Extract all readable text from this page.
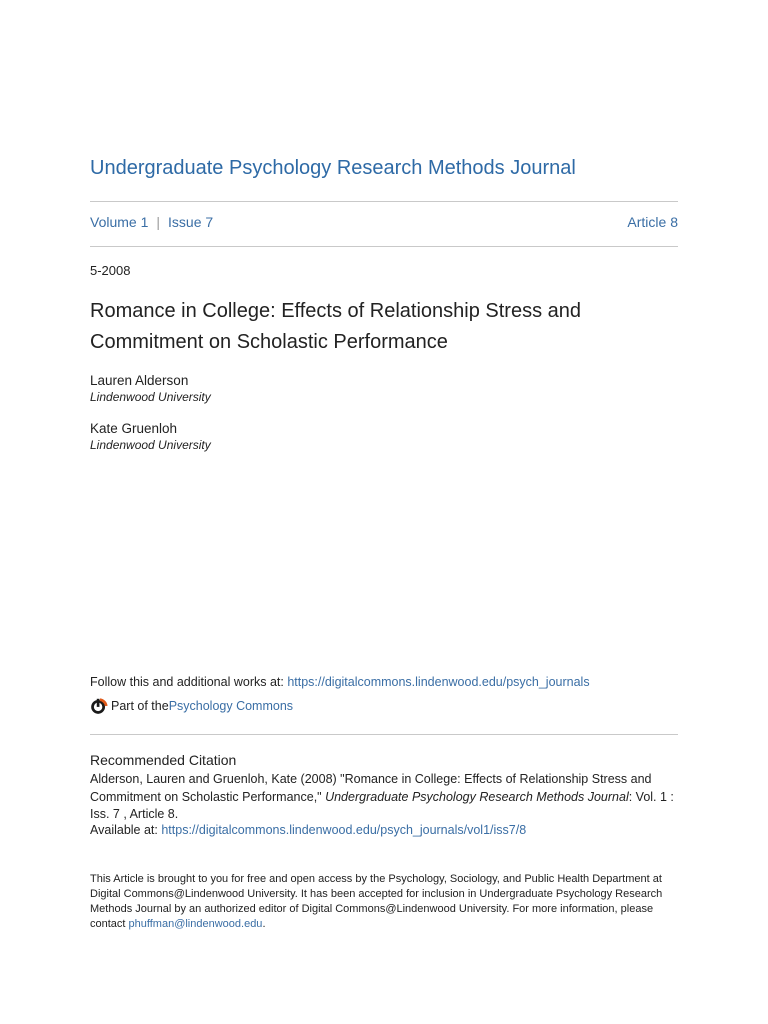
Undergraduate Psychology Research Methods Journal
Volume 1 | Issue 7	Article 8
5-2008
Romance in College: Effects of Relationship Stress and
Commitment on Scholastic Performance
Lauren Alderson
Lindenwood University
Kate Gruenloh
Lindenwood University
Follow this and additional works at: https://digitalcommons.lindenwood.edu/psych_journals
Part of the Psychology Commons
Recommended Citation
Alderson, Lauren and Gruenloh, Kate (2008) "Romance in College: Effects of Relationship Stress and Commitment on Scholastic Performance," Undergraduate Psychology Research Methods Journal: Vol. 1 : Iss. 7 , Article 8.
Available at: https://digitalcommons.lindenwood.edu/psych_journals/vol1/iss7/8
This Article is brought to you for free and open access by the Psychology, Sociology, and Public Health Department at Digital Commons@Lindenwood University. It has been accepted for inclusion in Undergraduate Psychology Research Methods Journal by an authorized editor of Digital Commons@Lindenwood University. For more information, please contact phuffman@lindenwood.edu.
